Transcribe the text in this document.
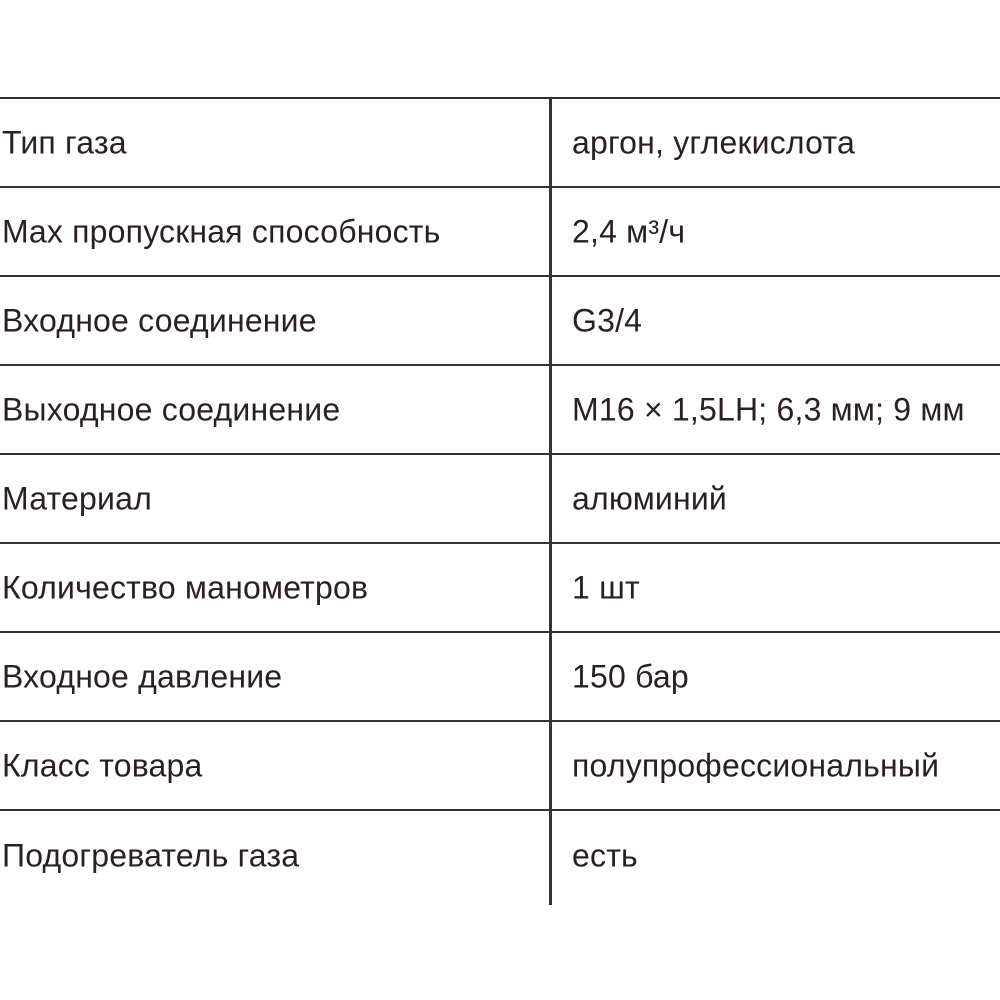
Тип газа	аргон, углекислота
Max пропускная способность	2,4 м³/ч
Входное соединение	G3/4
Выходное соединение	M16 × 1,5LH; 6,3 мм; 9 мм
Материал	алюминий
Количество манометров	1 шт
Входное давление	150 бар
Класс товара	полупрофессиональный
Подогреватель газа	есть
